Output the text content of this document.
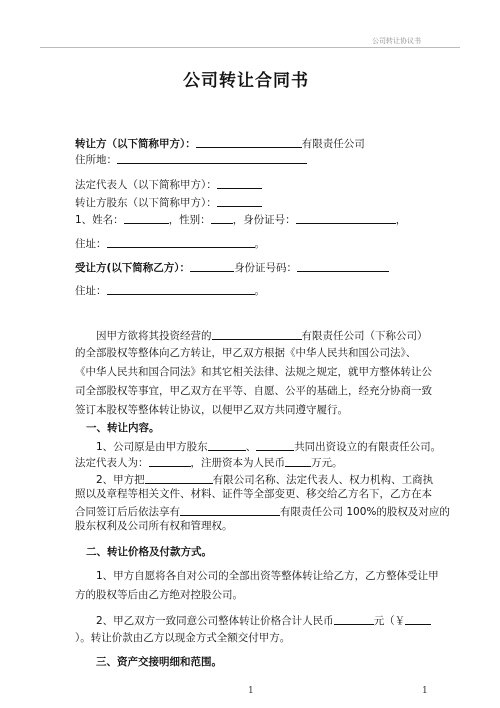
公司转让协议书
公司转让合同书
转让方（以下简称甲方）：	有限责任公司
住所地：
法定代表人（以下简称甲方）：
转让方股东（以下简称甲方）：
1、姓名：	，性别： ，身份证号：	，
住址：	。
受让方(以下简称乙方）：	身份证号码：
住址：	。
因甲方欲将其投资经营的	有限责任公司（下称公司）
的全部股权等整体向乙方转让，甲乙双方根据《中华人民共和国公司法》、
《中华人民共和国合同法》和其它相关法律、法规之规定，就甲方整体转让公
司全部股权等事宜，甲乙双方在平等、自愿、公平的基础上，经充分协商一致
签订本股权等整体转让协议，以便甲乙双方共同遵守履行。
一、转让内容。
1、公司原是由甲方股东	、	共同出资设立的有限责任公司。
法定代表人为：	，注册资本为人民币 万元。
2、甲方把	有限公司名称、法定代表人、权力机构、工商执
照以及章程等相关文件、材料、证件等全部变更、移交给乙方名下，乙方在本
合同签订后后依法享有	有限责任公司 100%的股权及对应的
股东权利及公司所有权和管理权。
二、转让价格及付款方式。
1、甲方自愿将各自对公司的全部出资等整体转让给乙方，乙方整体受让甲
方的股权等后由乙方绝对控股公司。
2、甲乙双方一致同意公司整体转让价格合计人民币	元（￥
）。转让价款由乙方以现金方式全额交付甲方。
三、资产交接明细和范围。
1	1
